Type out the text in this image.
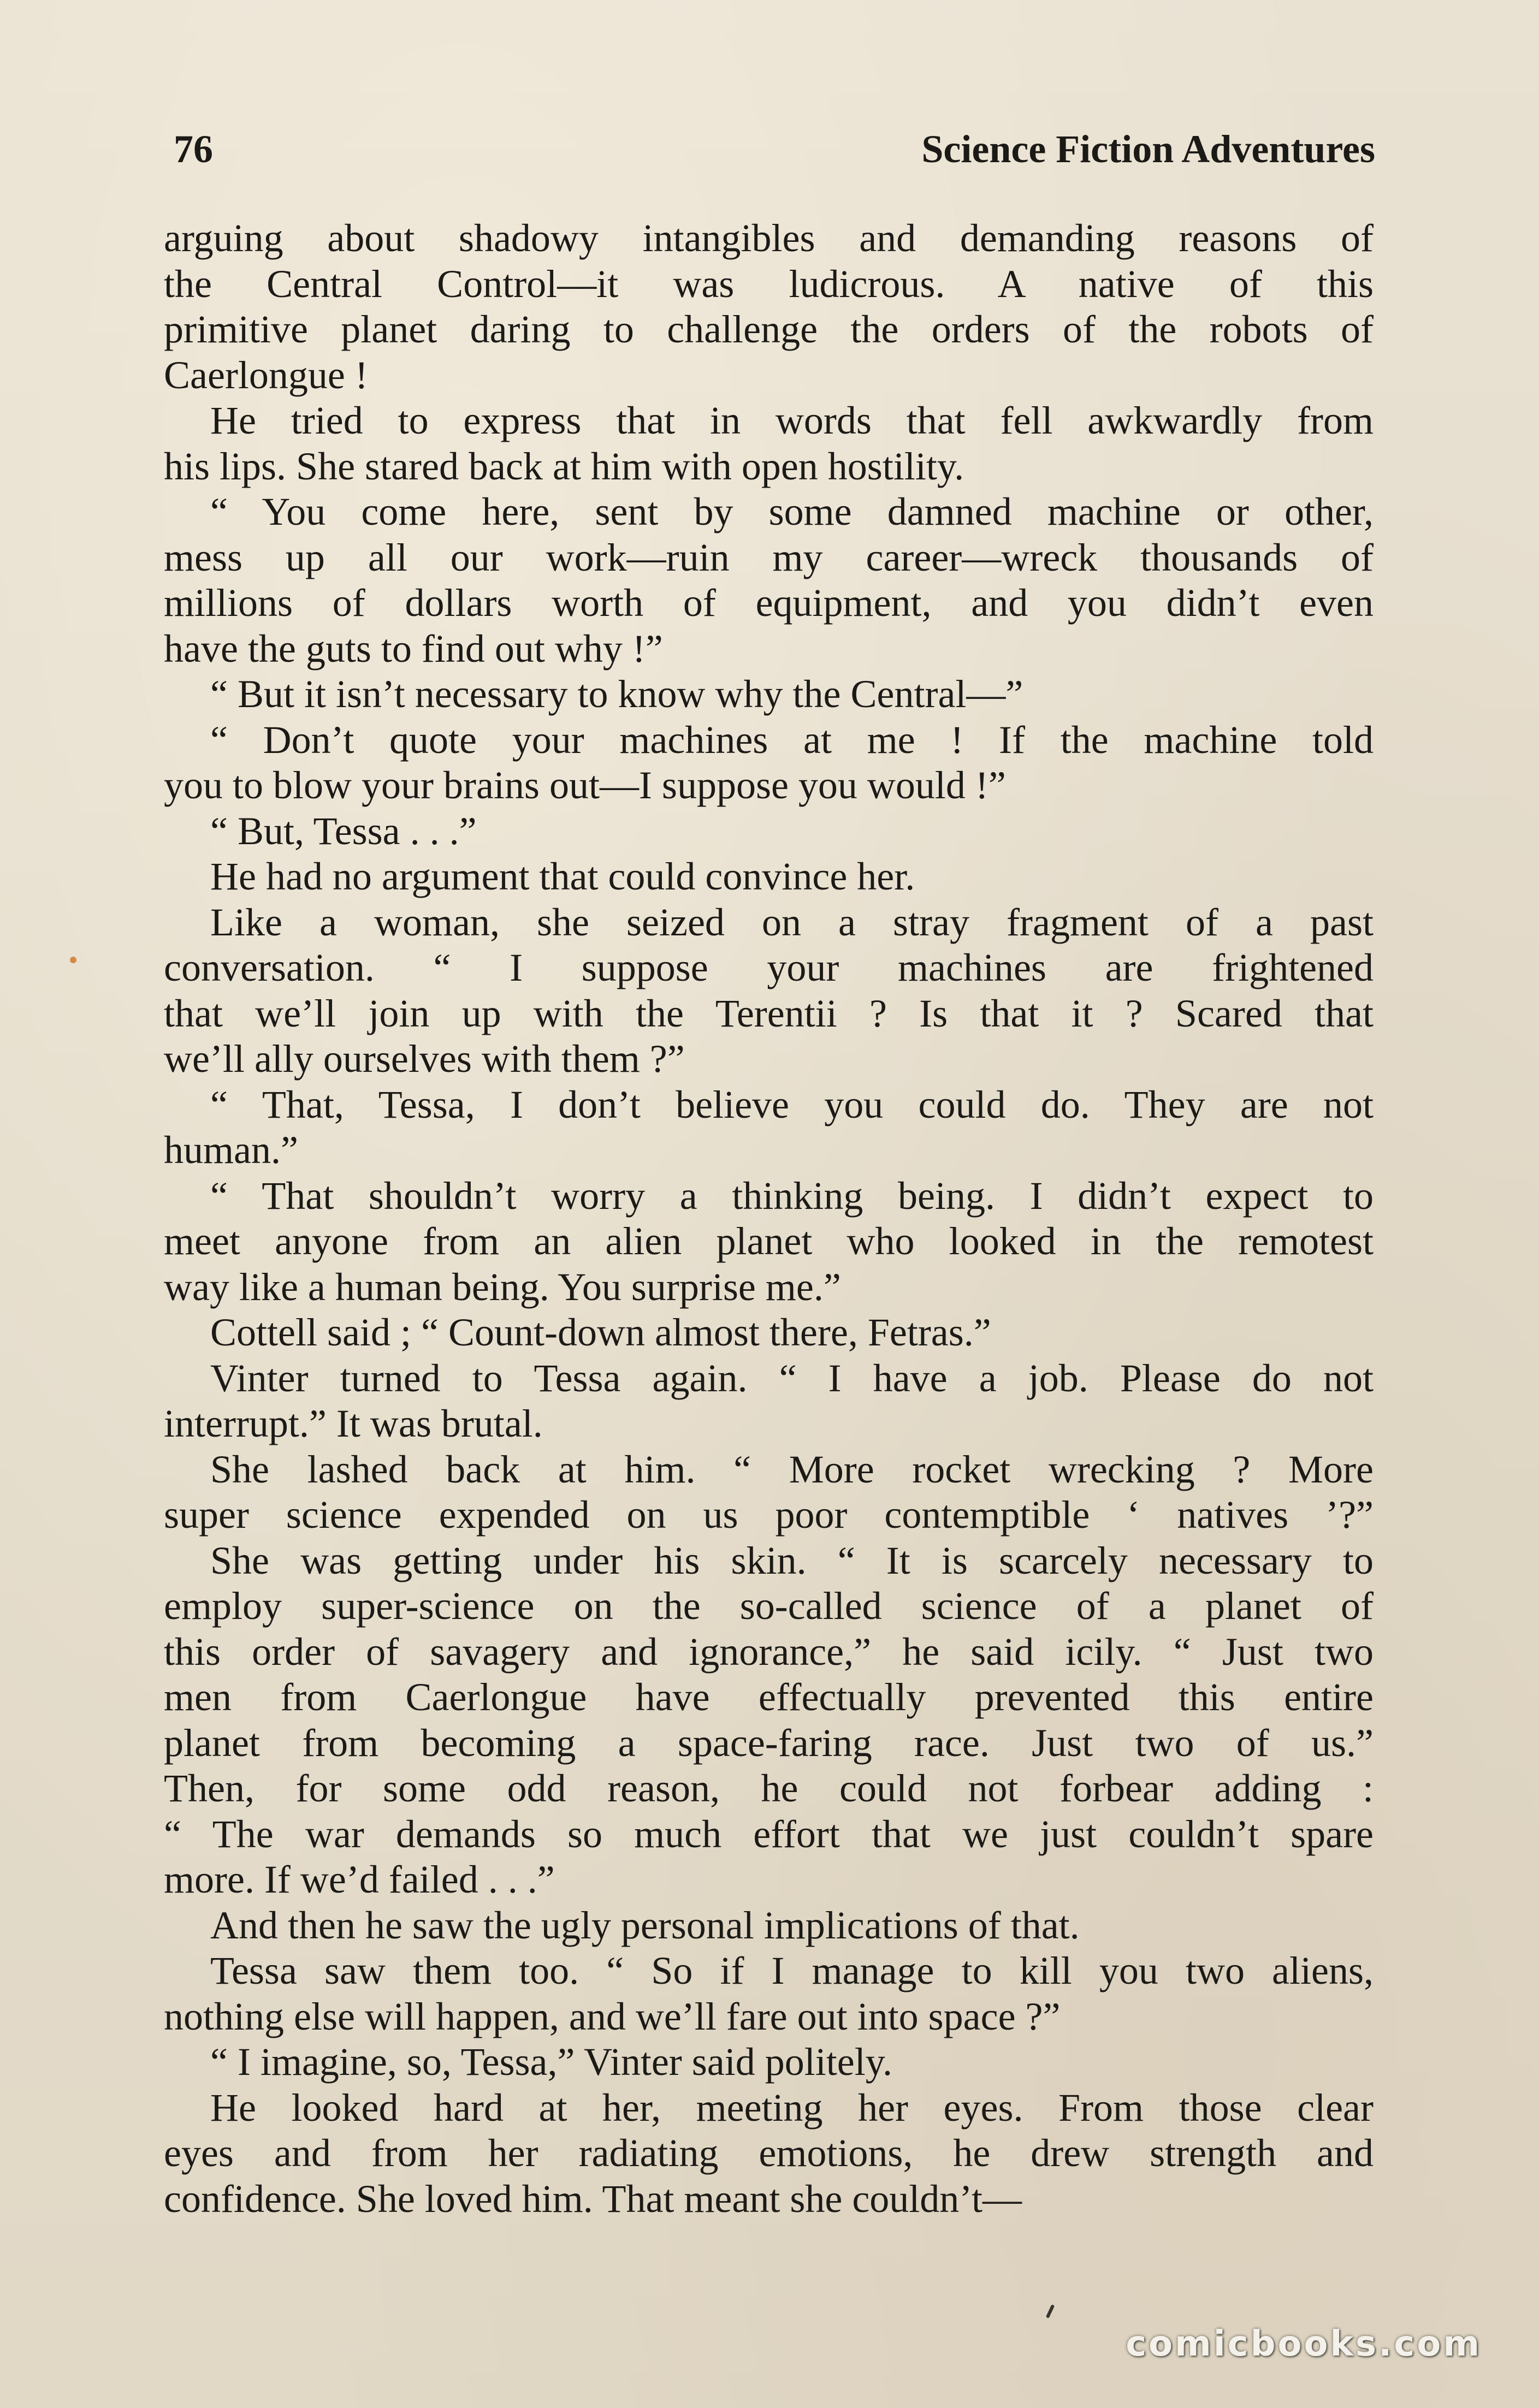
76	Science Fiction Adventures
arguing about shadowy intangibles and demanding reasons of
the Central Control—it was ludicrous. A native of this
primitive planet daring to challenge the orders of the robots of
Caerlongue !
He tried to express that in words that fell awkwardly from
his lips. She stared back at him with open hostility.
“ You come here, sent by some damned machine or other,
mess up all our work—ruin my career—wreck thousands of
millions of dollars worth of equipment, and you didn’t even
have the guts to find out why !”
“ But it isn’t necessary to know why the Central—”
“ Don’t quote your machines at me ! If the machine told
you to blow your brains out—I suppose you would !”
“ But, Tessa . . .”
He had no argument that could convince her.
Like a woman, she seized on a stray fragment of a past
conversation. “ I suppose your machines are frightened
that we’ll join up with the Terentii ? Is that it ? Scared that
we’ll ally ourselves with them ?”
“ That, Tessa, I don’t believe you could do. They are not
human.”
“ That shouldn’t worry a thinking being. I didn’t expect to
meet anyone from an alien planet who looked in the remotest
way like a human being. You surprise me.”
Cottell said ; “ Count-down almost there, Fetras.”
Vinter turned to Tessa again. “ I have a job. Please do not
interrupt.” It was brutal.
She lashed back at him. “ More rocket wrecking ? More
super science expended on us poor contemptible ‘ natives ’?”
She was getting under his skin. “ It is scarcely necessary to
employ super-science on the so-called science of a planet of
this order of savagery and ignorance,” he said icily. “ Just two
men from Caerlongue have effectually prevented this entire
planet from becoming a space-faring race. Just two of us.”
Then, for some odd reason, he could not forbear adding :
“ The war demands so much effort that we just couldn’t spare
more. If we’d failed . . .”
And then he saw the ugly personal implications of that.
Tessa saw them too. “ So if I manage to kill you two aliens,
nothing else will happen, and we’ll fare out into space ?”
“ I imagine, so, Tessa,” Vinter said politely.
He looked hard at her, meeting her eyes. From those clear
eyes and from her radiating emotions, he drew strength and
confidence. She loved him. That meant she couldn’t—
comicbooks.com
